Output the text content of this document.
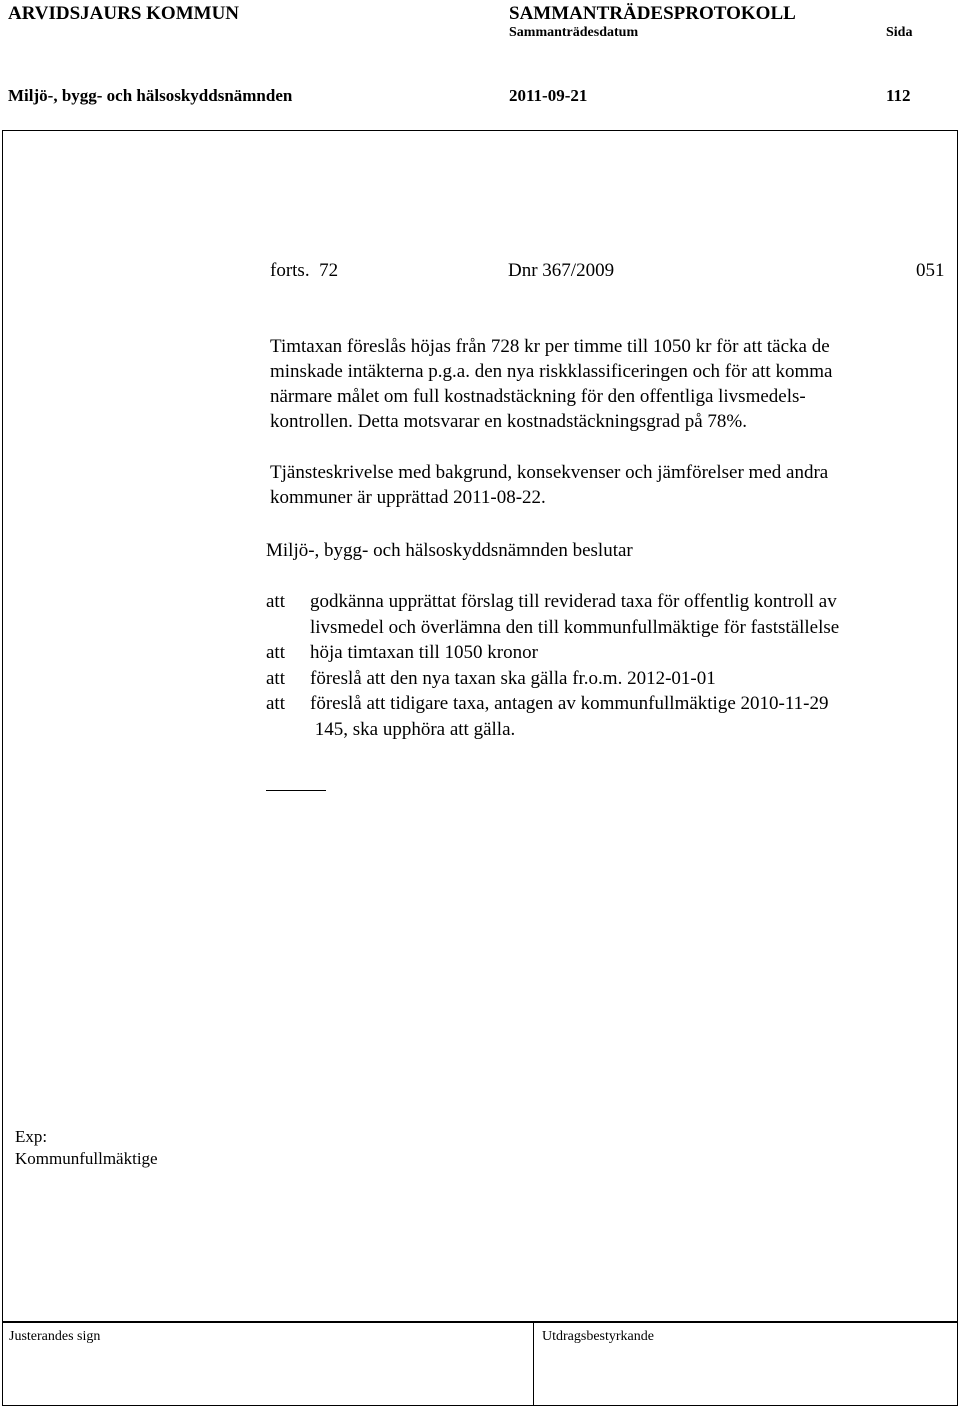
ARVIDSJAURS KOMMUN	SAMMANTRÄDESPROTOKOLL
Sammanträdesdatum	Sida
Miljö-, bygg- och hälsoskyddsnämnden	2011-09-21	112
forts.  72	Dnr 367/2009	051
Timtaxan föreslås höjas från 728 kr per timme till 1050 kr för att täcka de
minskade intäkterna p.g.a. den nya riskklassificeringen och för att komma
närmare målet om full kostnadstäckning för den offentliga livsmedels-
kontrollen. Detta motsvarar en kostnadstäckningsgrad på 78%.
Tjänsteskrivelse med bakgrund, konsekvenser och jämförelser med andra
kommuner är upprättad 2011-08-22.
Miljö-, bygg- och hälsoskyddsnämnden beslutar
att	godkänna upprättat förslag till reviderad taxa för offentlig kontroll av
livsmedel och överlämna den till kommunfullmäktige för fastställelse
att	höja timtaxan till 1050 kronor
att	föreslå att den nya taxan ska gälla fr.o.m. 2012-01-01
att	föreslå att tidigare taxa, antagen av kommunfullmäktige 2010-11-29
145, ska upphöra att gälla.
Exp:
Kommunfullmäktige
Justerandes sign	Utdragsbestyrkande
